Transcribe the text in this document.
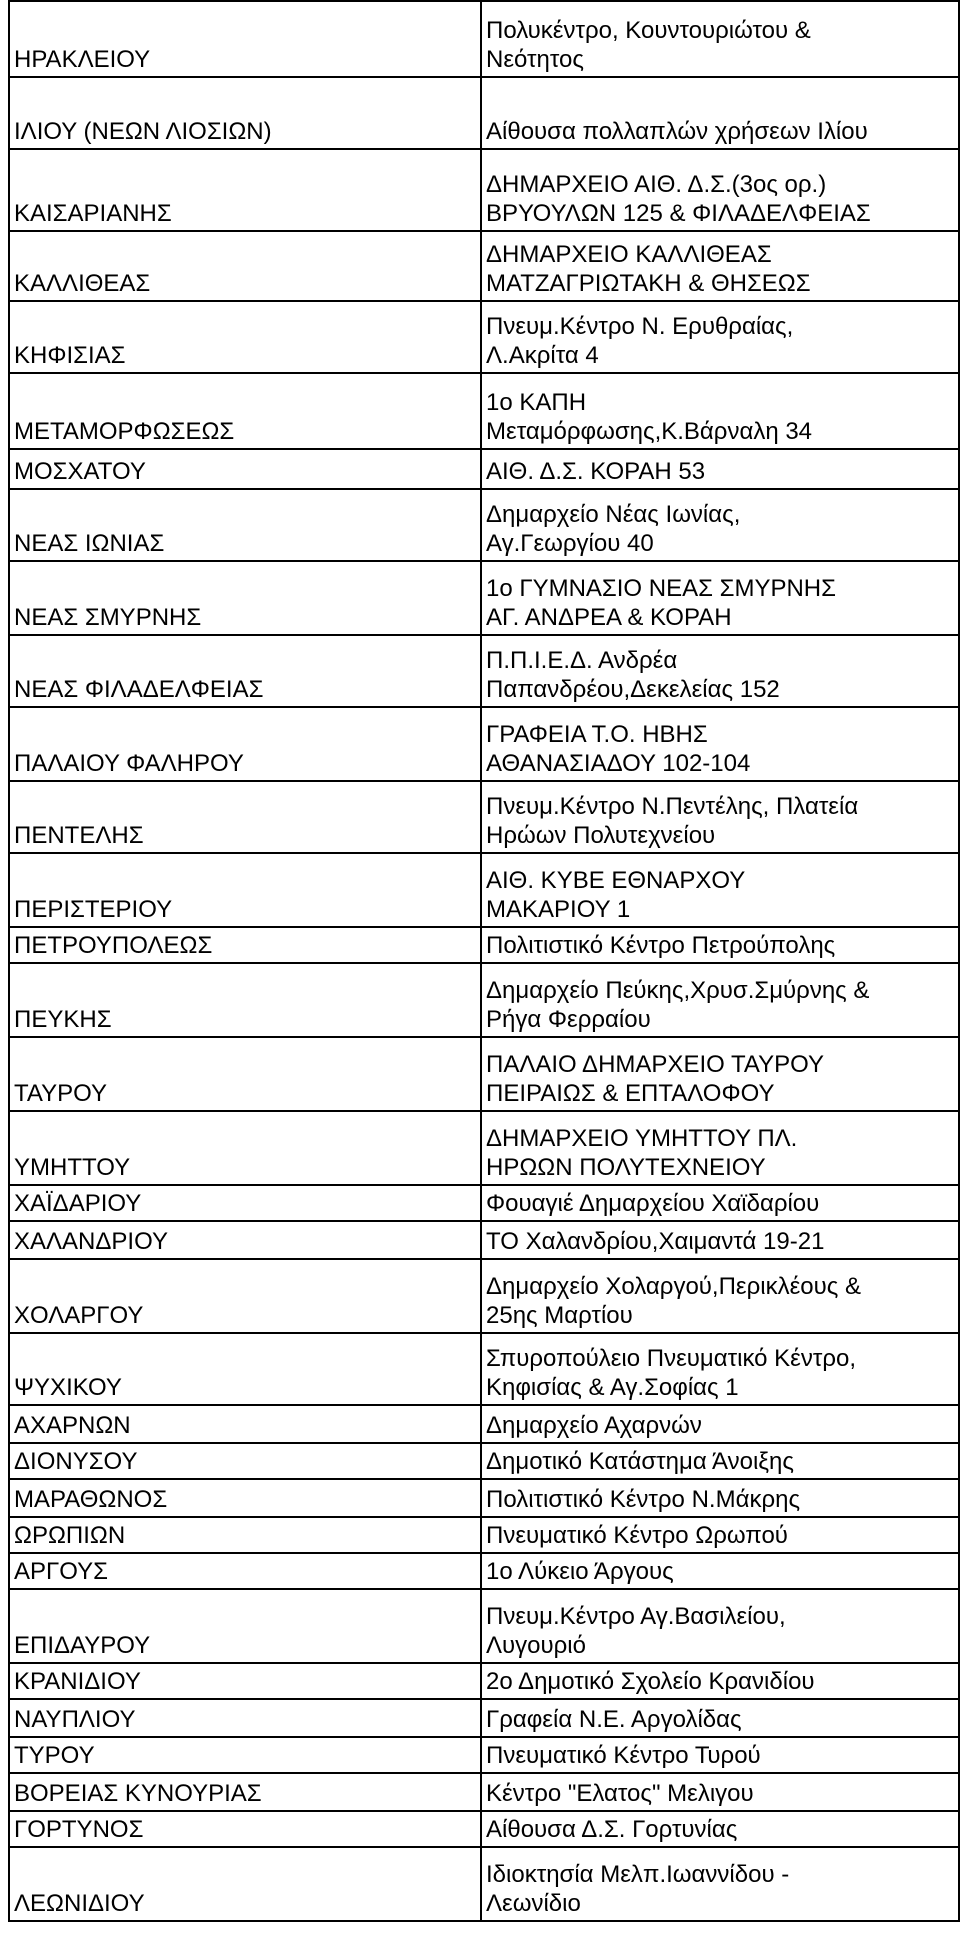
ΗΡΑΚΛΕΙΟΥ	Πολυκέντρο, Κουντουριώτου &
Νεότητος
ΙΛΙΟΥ (ΝΕΩΝ ΛΙΟΣΙΩΝ)	Αίθουσα πολλαπλών χρήσεων Ιλίου
ΚΑΙΣΑΡΙΑΝΗΣ	ΔΗΜΑΡΧΕΙΟ ΑΙΘ. Δ.Σ.(3ος ορ.)
ΒΡΥΟΥΛΩΝ 125 & ΦΙΛΑΔΕΛΦΕΙΑΣ
ΚΑΛΛΙΘΕΑΣ	ΔΗΜΑΡΧΕΙΟ ΚΑΛΛΙΘΕΑΣ
ΜΑΤΖΑΓΡΙΩΤΑΚΗ & ΘΗΣΕΩΣ
ΚΗΦΙΣΙΑΣ	Πνευμ.Κέντρο Ν. Ερυθραίας,
Λ.Ακρίτα 4
ΜΕΤΑΜΟΡΦΩΣΕΩΣ	1ο ΚΑΠΗ
Μεταμόρφωσης,Κ.Βάρναλη 34
ΜΟΣΧΑΤΟΥ	ΑΙΘ. Δ.Σ. ΚΟΡΑΗ 53
ΝΕΑΣ ΙΩΝΙΑΣ	Δημαρχείο Νέας Ιωνίας,
Αγ.Γεωργίου 40
ΝΕΑΣ ΣΜΥΡΝΗΣ	1ο ΓΥΜΝΑΣΙΟ ΝΕΑΣ ΣΜΥΡΝΗΣ
ΑΓ. ΑΝΔΡΕΑ & ΚΟΡΑΗ
ΝΕΑΣ ΦΙΛΑΔΕΛΦΕΙΑΣ	Π.Π.Ι.Ε.Δ. Ανδρέα
Παπανδρέου,Δεκελείας 152
ΠΑΛΑΙΟΥ ΦΑΛΗΡΟΥ	ΓΡΑΦΕΙΑ Τ.Ο. ΗΒΗΣ
ΑΘΑΝΑΣΙΑΔΟΥ 102-104
ΠΕΝΤΕΛΗΣ	Πνευμ.Κέντρο Ν.Πεντέλης, Πλατεία
Ηρώων Πολυτεχνείου
ΠΕΡΙΣΤΕΡΙΟΥ	ΑΙΘ. ΚΥΒΕ ΕΘΝΑΡΧΟΥ
ΜΑΚΑΡΙΟΥ 1
ΠΕΤΡΟΥΠΟΛΕΩΣ	Πολιτιστικό Κέντρο Πετρούπολης
ΠΕΥΚΗΣ	Δημαρχείο Πεύκης,Χρυσ.Σμύρνης &
Ρήγα Φερραίου
ΤΑΥΡΟΥ	ΠΑΛΑΙΟ ΔΗΜΑΡΧΕΙΟ ΤΑΥΡΟΥ
ΠΕΙΡΑΙΩΣ & ΕΠΤΑΛΟΦΟΥ
ΥΜΗΤΤΟΥ	ΔΗΜΑΡΧΕΙΟ ΥΜΗΤΤΟΥ ΠΛ.
ΗΡΩΩΝ ΠΟΛΥΤΕΧΝΕΙΟΥ
ΧΑΪΔΑΡΙΟΥ	Φουαγιέ Δημαρχείου Χαϊδαρίου
ΧΑΛΑΝΔΡΙΟΥ	ΤΟ Χαλανδρίου,Χαιμαντά 19-21
ΧΟΛΑΡΓΟΥ	Δημαρχείο Χολαργού,Περικλέους &
25ης Μαρτίου
ΨΥΧΙΚΟΥ	Σπυροπούλειο Πνευματικό Κέντρο,
Κηφισίας & Αγ.Σοφίας 1
ΑΧΑΡΝΩΝ	Δημαρχείο Αχαρνών
ΔΙΟΝΥΣΟΥ	Δημοτικό Κατάστημα Άνοιξης
ΜΑΡΑΘΩΝΟΣ	Πολιτιστικό Κέντρο Ν.Μάκρης
ΩΡΩΠΙΩΝ	Πνευματικό Κέντρο Ωρωπού
ΑΡΓΟΥΣ	1ο Λύκειο Άργους
ΕΠΙΔΑΥΡΟΥ	Πνευμ.Κέντρο Αγ.Βασιλείου,
Λυγουριό
ΚΡΑΝΙΔΙΟΥ	2ο Δημοτικό Σχολείο Κρανιδίου
ΝΑΥΠΛΙΟΥ	Γραφεία Ν.Ε. Αργολίδας
ΤΥΡΟΥ	Πνευματικό Κέντρο Τυρού
ΒΟΡΕΙΑΣ ΚΥΝΟΥΡΙΑΣ	Κέντρο "Ελατος" Μελιγου
ΓΟΡΤΥΝΟΣ	Αίθουσα Δ.Σ. Γορτυνίας
ΛΕΩΝΙΔΙΟΥ	Ιδιοκτησία Μελπ.Ιωαννίδου -
Λεωνίδιο
